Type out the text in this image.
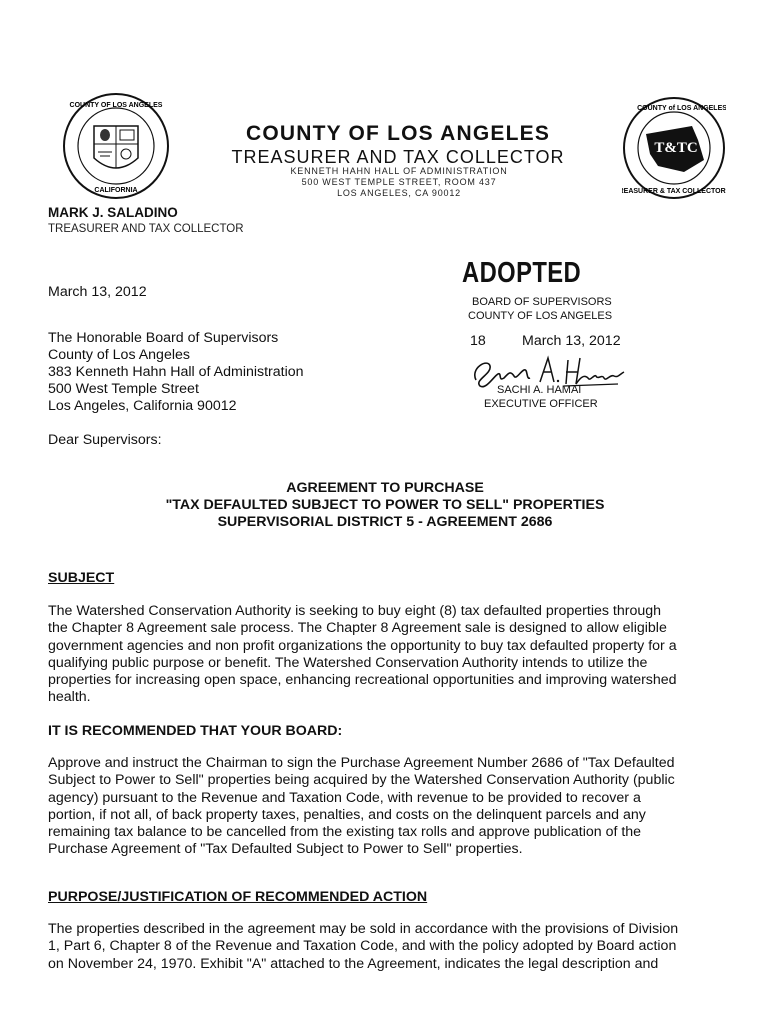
COUNTY OF LOS ANGELES
CALIFORNIA
T&TC
COUNTY of LOS ANGELES
TREASURER & TAX COLLECTOR
COUNTY OF LOS ANGELES
TREASURER AND TAX COLLECTOR
KENNETH HAHN HALL OF ADMINISTRATION
500 WEST TEMPLE STREET, ROOM 437
LOS ANGELES, CA 90012
MARK J. SALADINO
TREASURER AND TAX COLLECTOR
March 13, 2012
The Honorable Board of Supervisors
County of Los Angeles
383 Kenneth Hahn Hall of Administration
500 West Temple Street
Los Angeles, California 90012
ADOPTED
BOARD OF SUPERVISORS
COUNTY OF LOS ANGELES
18	March 13, 2012
SACHI A. HAMAI
EXECUTIVE OFFICER
Dear Supervisors:
AGREEMENT TO PURCHASE
"TAX DEFAULTED SUBJECT TO POWER TO SELL" PROPERTIES
SUPERVISORIAL DISTRICT 5 - AGREEMENT 2686
SUBJECT
The Watershed Conservation Authority is seeking to buy eight (8) tax defaulted properties through
the Chapter 8 Agreement sale process. The Chapter 8 Agreement sale is designed to allow eligible
government agencies and non profit organizations the opportunity to buy tax defaulted property for a
qualifying public purpose or benefit. The Watershed Conservation Authority intends to utilize the
properties for increasing open space, enhancing recreational opportunities and improving watershed
health.
IT IS RECOMMENDED THAT YOUR BOARD:
Approve and instruct the Chairman to sign the Purchase Agreement Number 2686 of "Tax Defaulted
Subject to Power to Sell" properties being acquired by the Watershed Conservation Authority (public
agency) pursuant to the Revenue and Taxation Code, with revenue to be provided to recover a
portion, if not all, of back property taxes, penalties, and costs on the delinquent parcels and any
remaining tax balance to be cancelled from the existing tax rolls and approve publication of the
Purchase Agreement of "Tax Defaulted Subject to Power to Sell" properties.
PURPOSE/JUSTIFICATION OF RECOMMENDED ACTION
The properties described in the agreement may be sold in accordance with the provisions of Division
1, Part 6, Chapter 8 of the Revenue and Taxation Code, and with the policy adopted by Board action
on November 24, 1970. Exhibit "A" attached to the Agreement, indicates the legal description and
